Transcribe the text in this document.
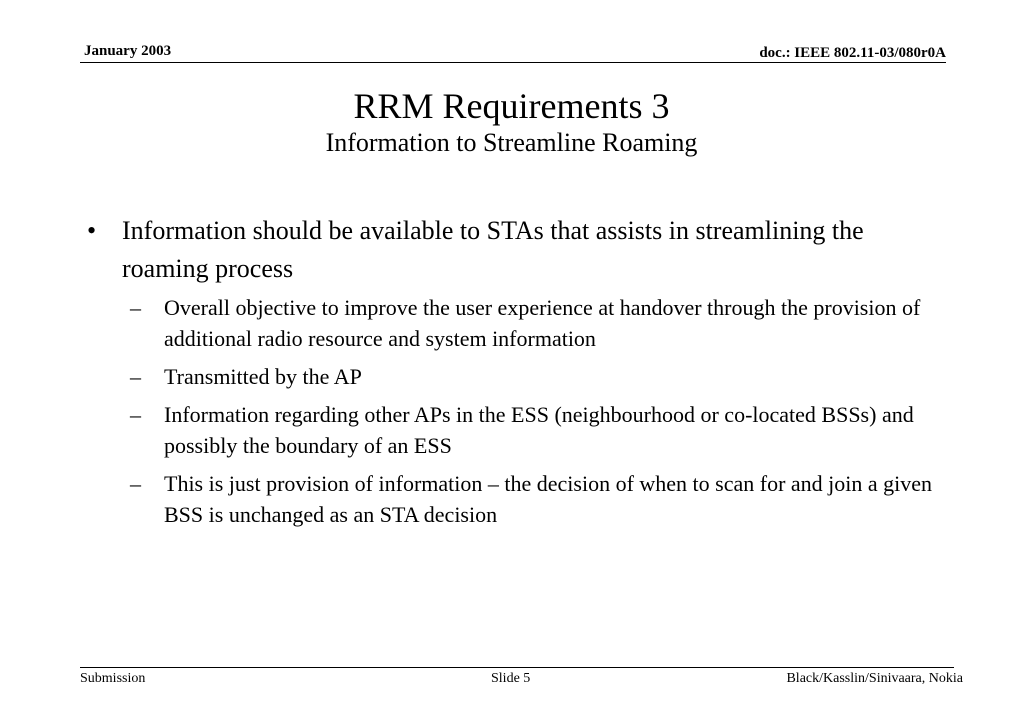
January 2003	doc.: IEEE 802.11-03/080r0A
RRM Requirements 3
Information to Streamline Roaming
• Information should be available to STAs that assists in streamlining the roaming process
– Overall objective to improve the user experience at handover through the provision of additional radio resource and system information
– Transmitted by the AP
– Information regarding other APs in the ESS (neighbourhood or co-located BSSs) and possibly the boundary of an ESS
– This is just provision of information – the decision of when to scan for and join a given BSS is unchanged as an STA decision
Submission	Slide 5	Black/Kasslin/Sinivaara, Nokia
